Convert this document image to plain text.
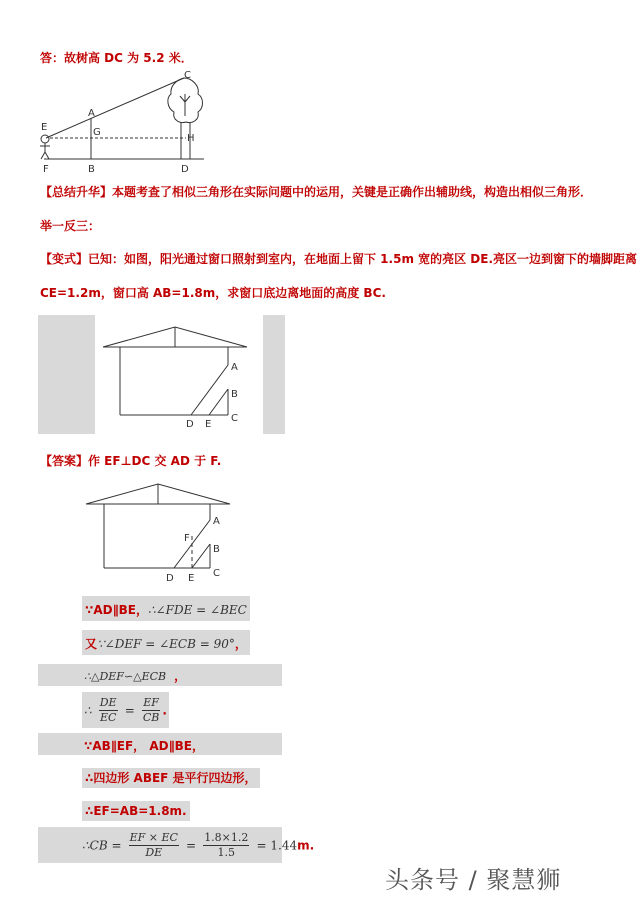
答：故树高 DC 为 5.2 米．
C
A
E	G
H
F	B	D
【总结升华】本题考查了相似三角形在实际问题中的运用，关键是正确作出辅助线，构造出相似三角形．
举一反三：
【变式】已知：如图，阳光通过窗口照射到室内，在地面上留下 1.5m 宽的亮区 DE.亮区一边到窗下的墙脚距离
CE=1.2m，窗口高 AB=1.8m，求窗口底边离地面的高度 BC.
A
B
C
D E
【答案】作 EF⊥DC 交 AD 于 F.
A
B
C
D E
F
∵AD∥BE，∴∠FDE = ∠BEC
又∵∠DEF = ∠ECB = 90°，
∴△DEF∽△ECB ，
∴ $\frac{DE}{EC} = \frac{EF}{CB}$ .
∵AB∥EF， AD∥BE，
∴四边形 ABEF 是平行四边形，
∴EF=AB=1.8m.
∴CB = $\frac{EF \times EC}{DE} = \frac{1.8\times 1.2}{1.5} = 1.44m$.
头条号 / 聚慧狮
